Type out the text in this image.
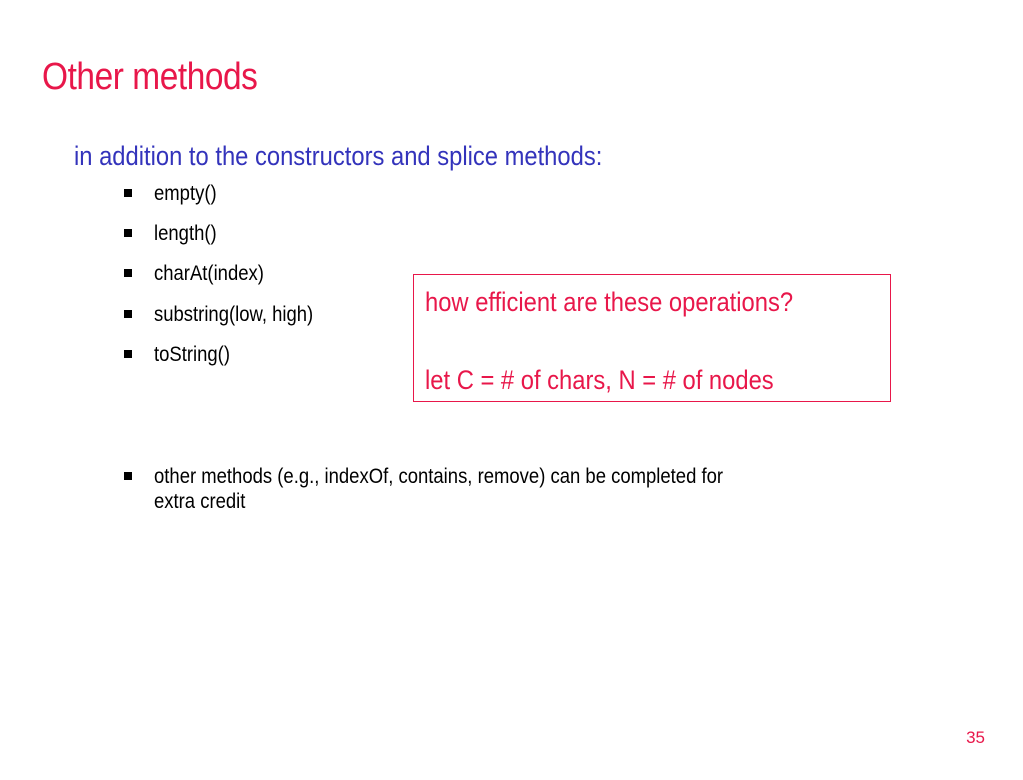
Other methods
in addition to the constructors and splice methods:
empty()
length()
charAt(index)
substring(low, high)
toString()
other methods (e.g., indexOf, contains, remove) can be completed for
extra credit
how efficient are these operations?
let C = # of chars, N = # of nodes
35
